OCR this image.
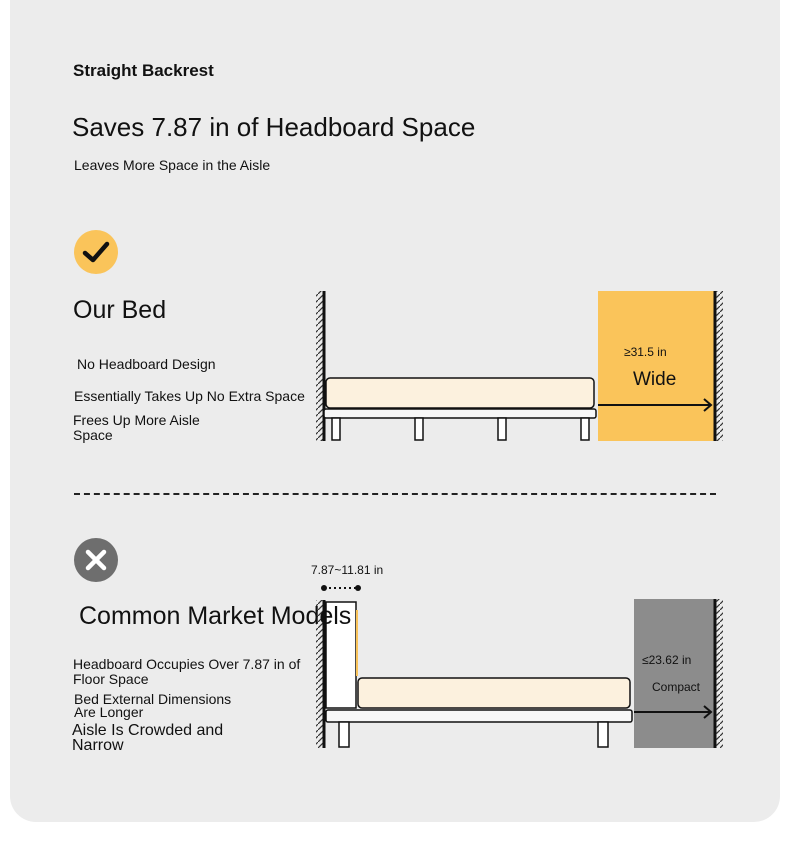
Straight Backrest
Saves 7.87 in of Headboard Space
Leaves More Space in the Aisle
Our Bed
No Headboard Design
Essentially Takes Up No Extra Space
Frees Up More Aisle Space
≥31.5 in
Wide
7.87~11.81 in
≤23.62 in
Compact
Common Market Models
Headboard Occupies Over 7.87 in of Floor Space
Bed External Dimensions Are Longer
Aisle Is Crowded and Narrow
